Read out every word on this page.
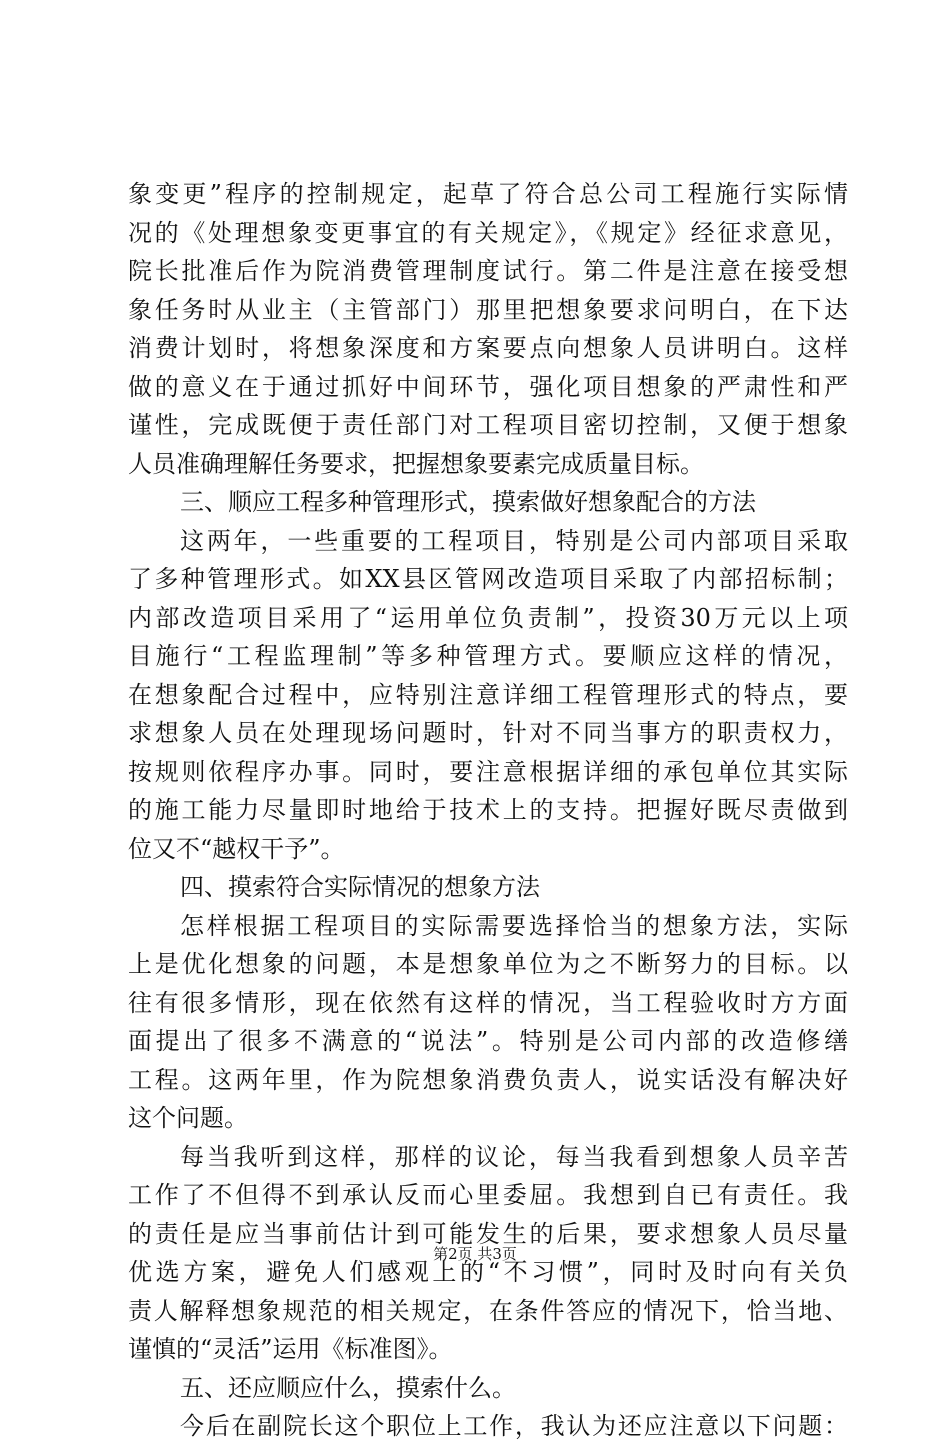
象变更”程序的控制规定，起草了符合总公司工程施行实际情
况的《处理想象变更事宜的有关规定》，《规定》经征求意见，
院长批准后作为院消费管理制度试行。第二件是注意在接受想
象任务时从业主（主管部门）那里把想象要求问明白，在下达
消费计划时，将想象深度和方案要点向想象人员讲明白。这样
做的意义在于通过抓好中间环节，强化项目想象的严肃性和严
谨性，完成既便于责任部门对工程项目密切控制，又便于想象
人员准确理解任务要求，把握想象要素完成质量目标。
三、顺应工程多种管理形式，摸索做好想象配合的方法
这两年，一些重要的工程项目，特别是公司内部项目采取
了多种管理形式。如XX县区管网改造项目采取了内部招标制；
内部改造项目采用了“运用单位负责制”，投资30万元以上项
目施行“工程监理制”等多种管理方式。要顺应这样的情况，
在想象配合过程中，应特别注意详细工程管理形式的特点，要
求想象人员在处理现场问题时，针对不同当事方的职责权力，
按规则依程序办事。同时，要注意根据详细的承包单位其实际
的施工能力尽量即时地给于技术上的支持。把握好既尽责做到
位又不“越权干予”。
四、摸索符合实际情况的想象方法
怎样根据工程项目的实际需要选择恰当的想象方法，实际
上是优化想象的问题，本是想象单位为之不断努力的目标。以
往有很多情形，现在依然有这样的情况，当工程验收时方方面
面提出了很多不满意的“说法”。特别是公司内部的改造修缮
工程。这两年里，作为院想象消费负责人，说实话没有解决好
这个问题。
每当我听到这样，那样的议论，每当我看到想象人员辛苦
工作了不但得不到承认反而心里委屈。我想到自已有责任。我
的责任是应当事前估计到可能发生的后果，要求想象人员尽量
优选方案，避免人们感观上的“不习惯”，同时及时向有关负
责人解释想象规范的相关规定，在条件答应的情况下，恰当地、
谨慎的“灵活”运用《标准图》。
五、还应顺应什么，摸索什么。
今后在副院长这个职位上工作，我认为还应注意以下问题：
第2页 共3页
